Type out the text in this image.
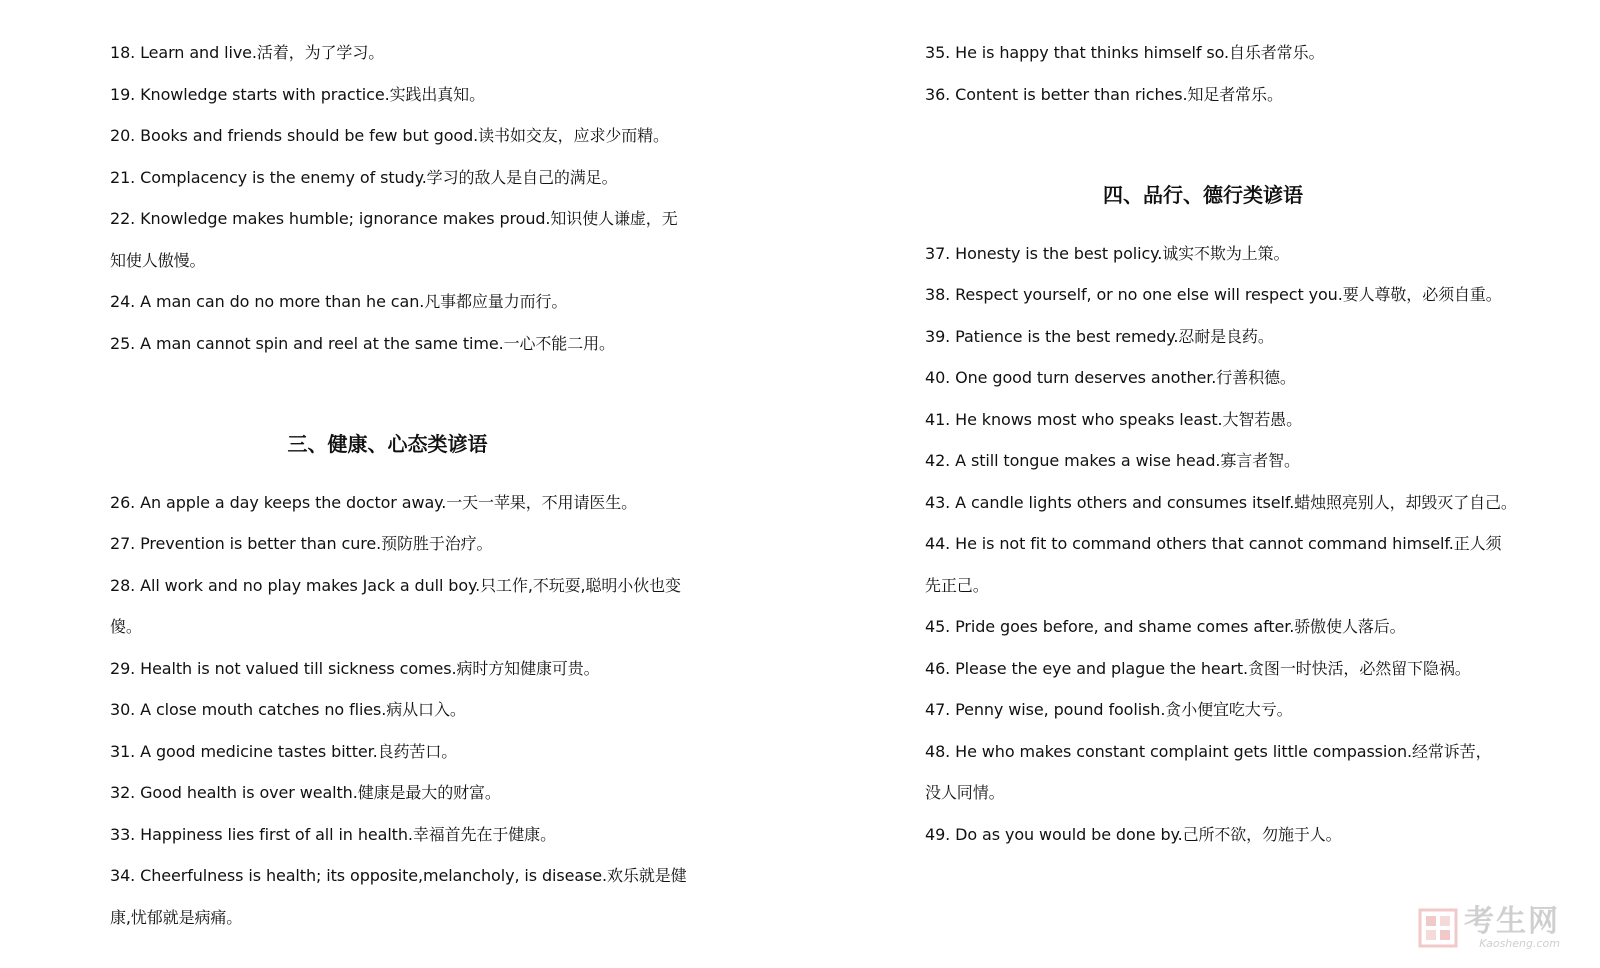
18. Learn and live.活着，为了学习。
19. Knowledge starts with practice.实践出真知。
20. Books and friends should be few but good.读书如交友，应求少而精。
21. Complacency is the enemy of study.学习的敌人是自己的满足。
22. Knowledge makes humble; ignorance makes proud.知识使人谦虚，无
知使人傲慢。
24. A man can do no more than he can.凡事都应量力而行。
25. A man cannot spin and reel at the same time.一心不能二用。
三、健康、心态类谚语
26. An apple a day keeps the doctor away.一天一苹果，不用请医生。
27. Prevention is better than cure.预防胜于治疗。
28. All work and no play makes Jack a dull boy.只工作,不玩耍,聪明小伙也变
傻。
29. Health is not valued till sickness comes.病时方知健康可贵。
30. A close mouth catches no flies.病从口入。
31. A good medicine tastes bitter.良药苦口。
32. Good health is over wealth.健康是最大的财富。
33. Happiness lies first of all in health.幸福首先在于健康。
34. Cheerfulness is health; its opposite,melancholy, is disease.欢乐就是健
康,忧郁就是病痛。
35. He is happy that thinks himself so.自乐者常乐。
36. Content is better than riches.知足者常乐。
四、品行、德行类谚语
37. Honesty is the best policy.诚实不欺为上策。
38. Respect yourself, or no one else will respect you.要人尊敬，必须自重。
39. Patience is the best remedy.忍耐是良药。
40. One good turn deserves another.行善积德。
41. He knows most who speaks least.大智若愚。
42. A still tongue makes a wise head.寡言者智。
43. A candle lights others and consumes itself.蜡烛照亮别人，却毁灭了自己。
44. He is not fit to command others that cannot command himself.正人须
先正己。
45. Pride goes before, and shame comes after.骄傲使人落后。
46. Please the eye and plague the heart.贪图一时快活，必然留下隐祸。
47. Penny wise, pound foolish.贪小便宜吃大亏。
48. He who makes constant complaint gets little compassion.经常诉苦，
没人同情。
49. Do as you would be done by.己所不欲，勿施于人。
考生网
Kaosheng.com
